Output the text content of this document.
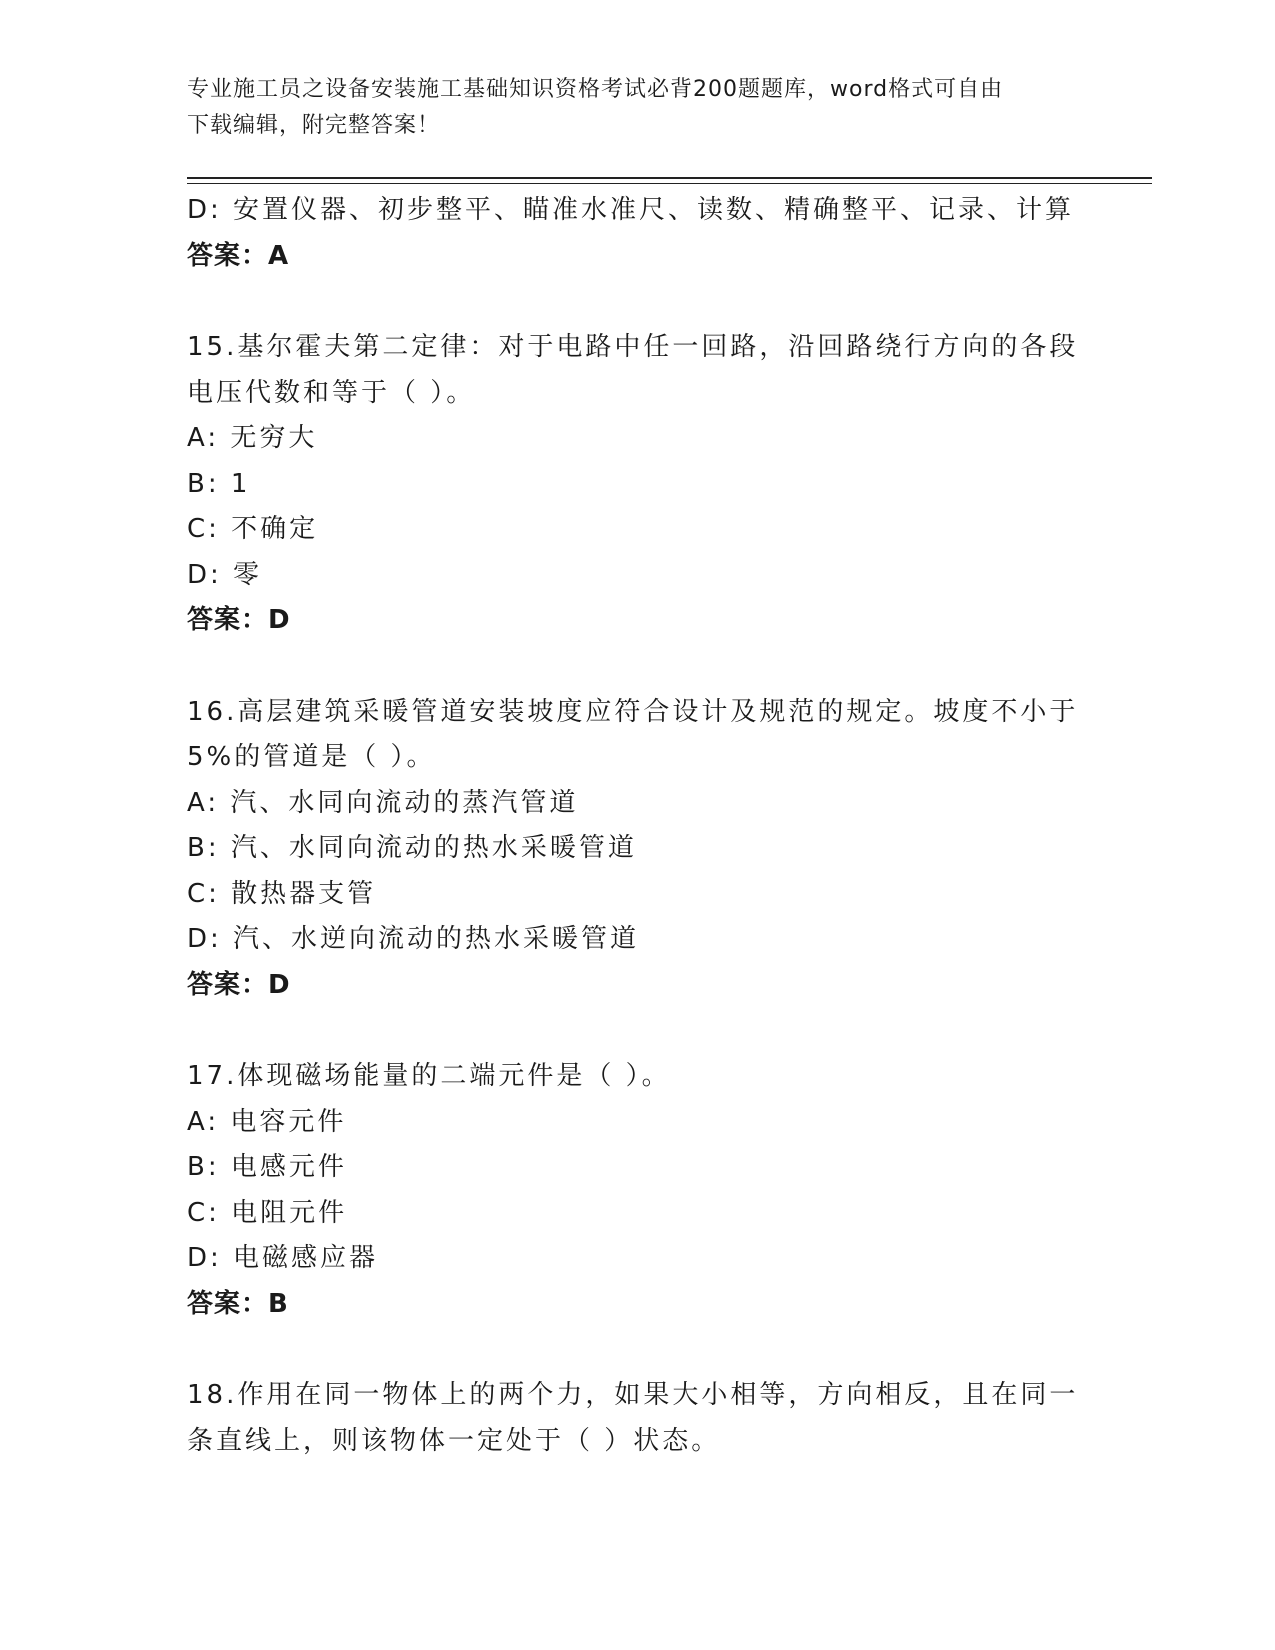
专业施工员之设备安装施工基础知识资格考试必背200题题库，word格式可自由
下载编辑，附完整答案！
D: 安置仪器、初步整平、瞄准水准尺、读数、精确整平、记录、计算
答案：A
15.基尔霍夫第二定律：对于电路中任一回路，沿回路绕行方向的各段
电压代数和等于（ ）。
A: 无穷大
B: 1
C: 不确定
D: 零
答案：D
16.高层建筑采暖管道安装坡度应符合设计及规范的规定。坡度不小于
5%的管道是（ ）。
A: 汽、水同向流动的蒸汽管道
B: 汽、水同向流动的热水采暖管道
C: 散热器支管
D: 汽、水逆向流动的热水采暖管道
答案：D
17.体现磁场能量的二端元件是（ ）。
A: 电容元件
B: 电感元件
C: 电阻元件
D: 电磁感应器
答案：B
18.作用在同一物体上的两个力，如果大小相等，方向相反，且在同一
条直线上，则该物体一定处于（ ）状态。
